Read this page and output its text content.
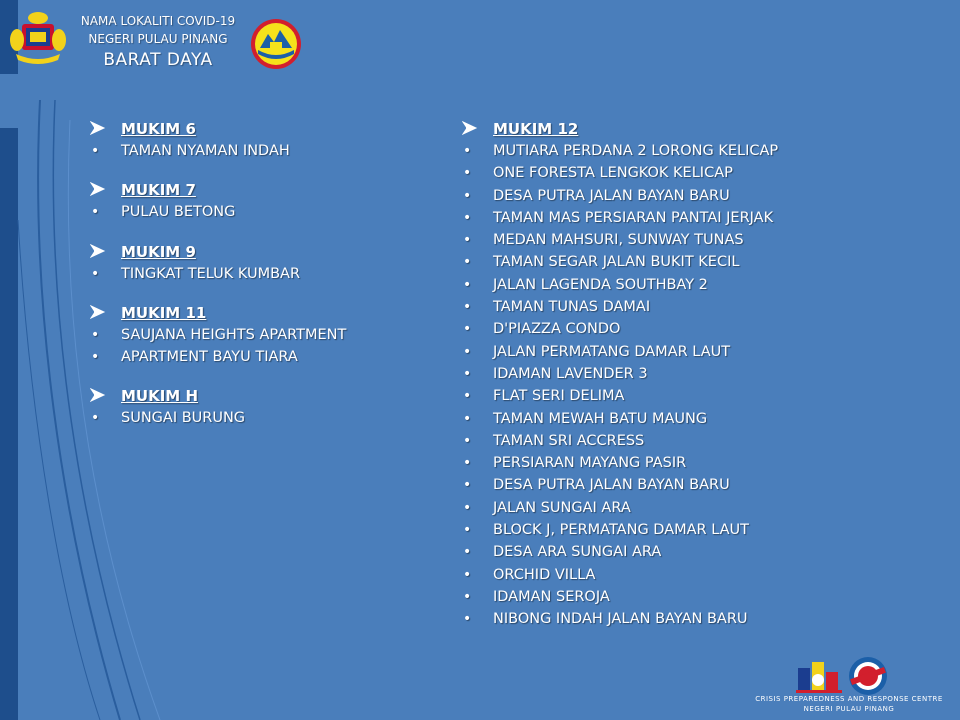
NAMA LOKALITI COVID-19
NEGERI PULAU PINANG
BARAT DAYA
MUKIM 6
• TAMAN NYAMAN INDAH
MUKIM 7
• PULAU BETONG
MUKIM 9
• TINGKAT TELUK KUMBAR
MUKIM 11
• SAUJANA HEIGHTS APARTMENT
• APARTMENT BAYU TIARA
MUKIM H
• SUNGAI BURUNG
MUKIM 12
• MUTIARA PERDANA 2 LORONG KELICAP
• ONE FORESTA LENGKOK KELICAP
• DESA PUTRA JALAN BAYAN BARU
• TAMAN MAS PERSIARAN PANTAI JERJAK
• MEDAN MAHSURI, SUNWAY TUNAS
• TAMAN SEGAR JALAN BUKIT KECIL
• JALAN LAGENDA SOUTHBAY 2
• TAMAN TUNAS DAMAI
• D'PIAZZA CONDO
• JALAN PERMATANG DAMAR LAUT
• IDAMAN LAVENDER 3
• FLAT SERI DELIMA
• TAMAN MEWAH BATU MAUNG
• TAMAN SRI ACCRESS
• PERSIARAN MAYANG PASIR
• DESA PUTRA JALAN BAYAN BARU
• JALAN SUNGAI ARA
• BLOCK J, PERMATANG DAMAR LAUT
• DESA ARA SUNGAI ARA
• ORCHID VILLA
• IDAMAN SEROJA
• NIBONG INDAH JALAN BAYAN BARU
CRISIS PREPAREDNESS AND RESPONSE CENTRE
NEGERI PULAU PINANG
